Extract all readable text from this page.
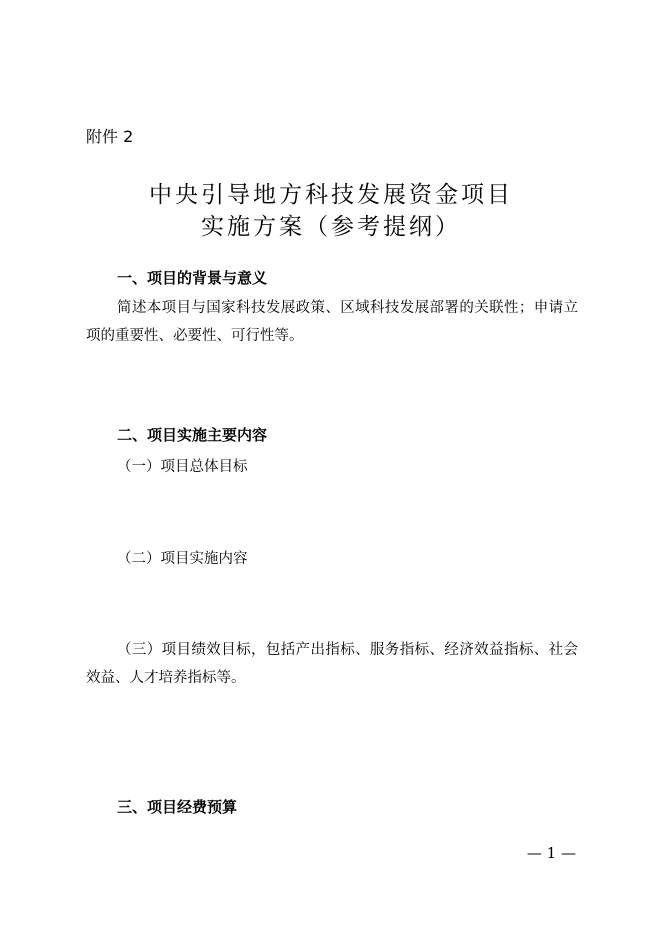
附件 2
中央引导地方科技发展资金项目
实施方案（参考提纲）
一、项目的背景与意义
简述本项目与国家科技发展政策、区域科技发展部署的关联性；申请立项的重要性、必要性、可行性等。
二、项目实施主要内容
（一）项目总体目标
（二）项目实施内容
（三）项目绩效目标，包括产出指标、服务指标、经济效益指标、社会效益、人才培养指标等。
三、项目经费预算
— 1 —
